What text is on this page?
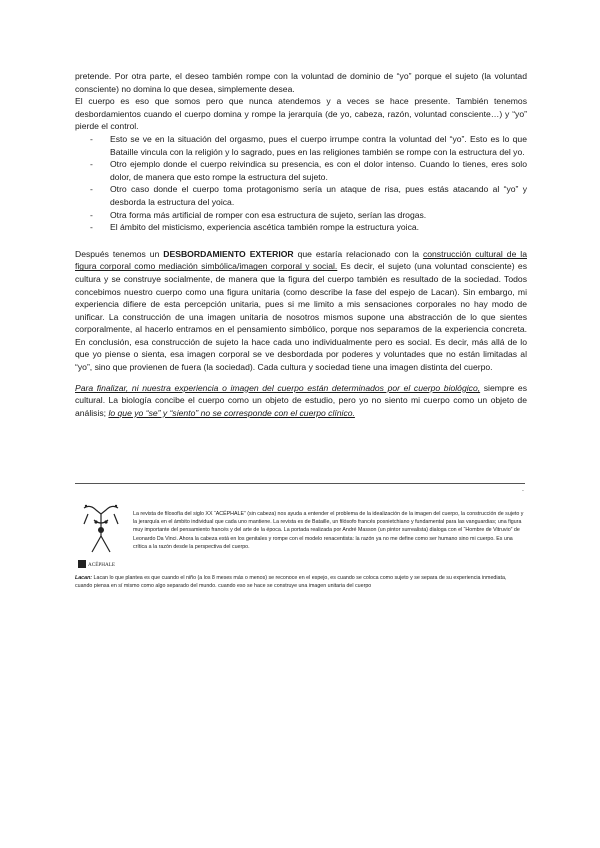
pretende. Por otra parte, el deseo también rompe con la voluntad de dominio de “yo” porque el sujeto (la voluntad consciente) no domina lo que desea, simplemente desea.

El cuerpo es eso que somos pero que nunca atendemos y a veces se hace presente. También tenemos desbordamientos cuando el cuerpo domina y rompe la jerarquía (de yo, cabeza, razón, voluntad consciente…) y “yo” pierde el control.

- Esto se ve en la situación del orgasmo, pues el cuerpo irrumpe contra la voluntad del “yo”. Esto es lo que Bataille vincula con la religión y lo sagrado, pues en las religiones también se rompe con la estructura del yo.
- Otro ejemplo donde el cuerpo reivindica su presencia, es con el dolor intenso. Cuando lo tienes, eres solo dolor, de manera que esto rompe la estructura del sujeto.
- Otro caso donde el cuerpo toma protagonismo sería un ataque de risa, pues estás atacando al “yo” y desborda la estructura del yoica.
- Otra forma más artificial de romper con esa estructura de sujeto, serían las drogas.
- El ámbito del misticismo, experiencia ascética también rompe la estructura yoica.

Después tenemos un DESBORDAMIENTO EXTERIOR que estaría relacionado con la construcción cultural de la figura corporal como mediación simbólica/imagen corporal y social. Es decir, el sujeto (una voluntad consciente) es cultura y se construye socialmente, de manera que la figura del cuerpo también es resultado de la sociedad. Todos concebimos nuestro cuerpo como una figura unitaria (como describe la fase del espejo de Lacan). Sin embargo, mi experiencia difiere de esta percepción unitaria, pues si me limito a mis sensaciones corporales no hay modo de unificar. La construcción de una imagen unitaria de nosotros mismos supone una abstracción de lo que sientes corporalmente, al hacerlo entramos en el pensamiento simbólico, porque nos separamos de la experiencia concreta. En conclusión, esa construcción de sujeto la hace cada uno individualmente pero es social. Es decir, más allá de lo que yo piense o sienta, esa imagen corporal se ve desbordada por poderes y voluntades que no están limitadas al “yo”, sino que provienen de fuera (la sociedad). Cada cultura y sociedad tiene una imagen distinta del cuerpo.

Para finalizar, ni nuestra experiencia o imagen del cuerpo están determinados por el cuerpo biológico, siempre es cultural. La biología concibe el cuerpo como un objeto de estudio, pero yo no siento mi cuerpo como un objeto de análisis; lo que yo “se” y “siento” no se corresponde con el cuerpo clínico.

.
ACÉPHALE

La revista de filosofía del siglo XX “ACÉPHALE” (sin cabeza) nos ayuda a entender el problema de la idealización de la imagen del cuerpo, la construcción de sujeto y la jerarquía en el ámbito individual que cada uno mantiene. La revista es de Bataille, un filósofo francés posnietchiano y fundamental para las vanguardias; una figura muy importante del pensamiento francés y del arte de la época. La portada realizada por André Masson (un pintor surrealista) dialoga con el “Hombre de Vitruvio” de Leonardo Da Vinci. Ahora la cabeza está en los genitales y rompe con el modelo renacentista: la razón ya no me define como ser humano sino mi cuerpo. Es una crítica a la razón desde la perspectiva del cuerpo.

Lacan: Lacan lo que plantea es que cuando el niño (a los 8 meses más o menos) se reconoce en el espejo, es cuando se coloca como sujeto y se separa de su experiencia inmediata, cuando piensa en sí mismo como algo separado del mundo. cuando eso se hace se construye una imagen unitaria del cuerpo
